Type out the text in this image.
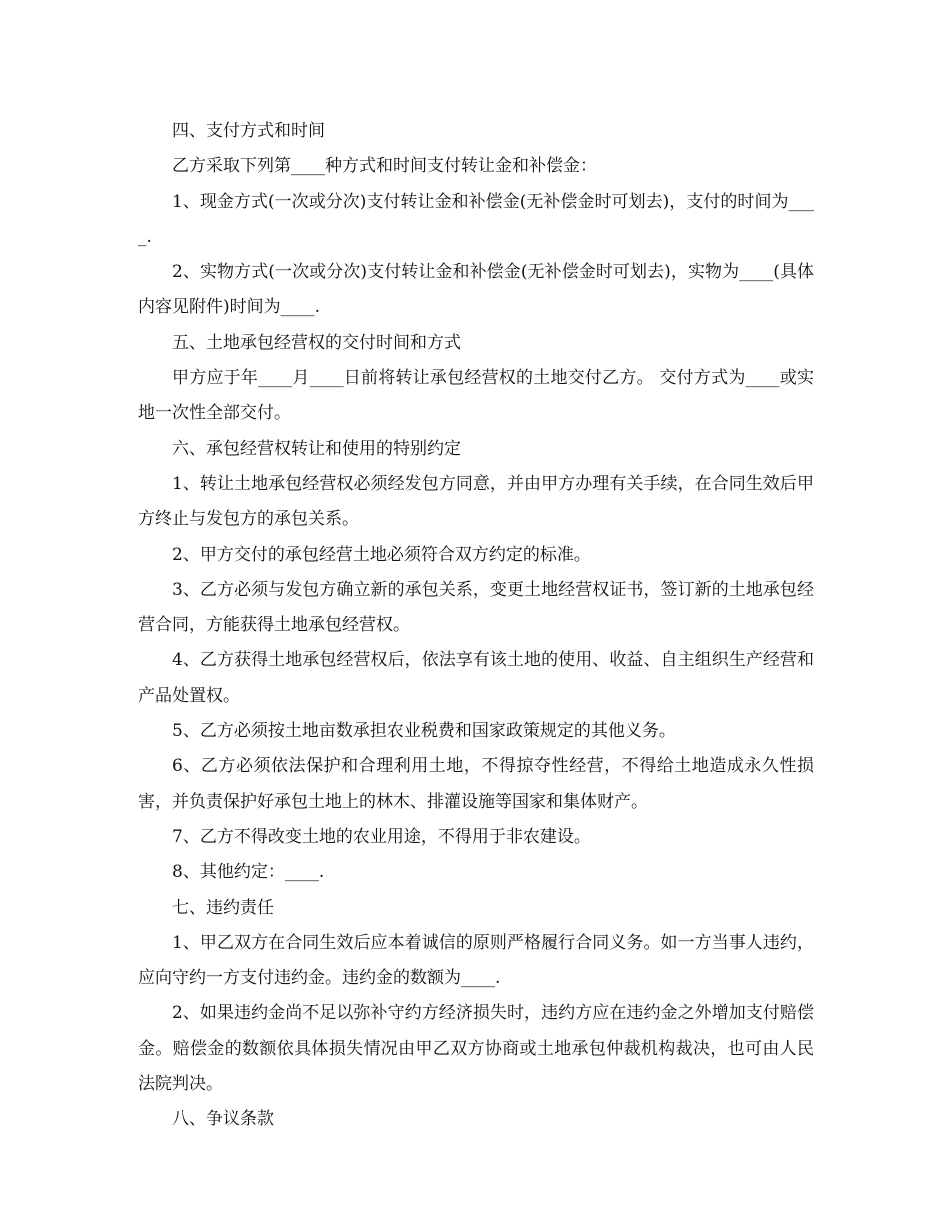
四、支付方式和时间

乙方采取下列第____种方式和时间支付转让金和补偿金：

1、现金方式(一次或分次)支付转让金和补偿金(无补偿金时可划去)，支付的时间为____.

2、实物方式(一次或分次)支付转让金和补偿金(无补偿金时可划去)，实物为____(具体内容见附件)时间为____.

五、土地承包经营权的交付时间和方式

甲方应于年____月____日前将转让承包经营权的土地交付乙方。 交付方式为____或实地一次性全部交付。

六、承包经营权转让和使用的特别约定

1、转让土地承包经营权必须经发包方同意，并由甲方办理有关手续，在合同生效后甲方终止与发包方的承包关系。

2、甲方交付的承包经营土地必须符合双方约定的标准。

3、乙方必须与发包方确立新的承包关系，变更土地经营权证书，签订新的土地承包经营合同，方能获得土地承包经营权。

4、乙方获得土地承包经营权后，依法享有该土地的使用、收益、自主组织生产经营和产品处置权。

5、乙方必须按土地亩数承担农业税费和国家政策规定的其他义务。

6、乙方必须依法保护和合理利用土地，不得掠夺性经营，不得给土地造成永久性损害，并负责保护好承包土地上的林木、排灌设施等国家和集体财产。

7、乙方不得改变土地的农业用途，不得用于非农建设。

8、其他约定：____.

七、违约责任

1、甲乙双方在合同生效后应本着诚信的原则严格履行合同义务。如一方当事人违约，应向守约一方支付违约金。违约金的数额为____.

2、如果违约金尚不足以弥补守约方经济损失时，违约方应在违约金之外增加支付赔偿金。赔偿金的数额依具体损失情况由甲乙双方协商或土地承包仲裁机构裁决，也可由人民法院判决。

八、争议条款
